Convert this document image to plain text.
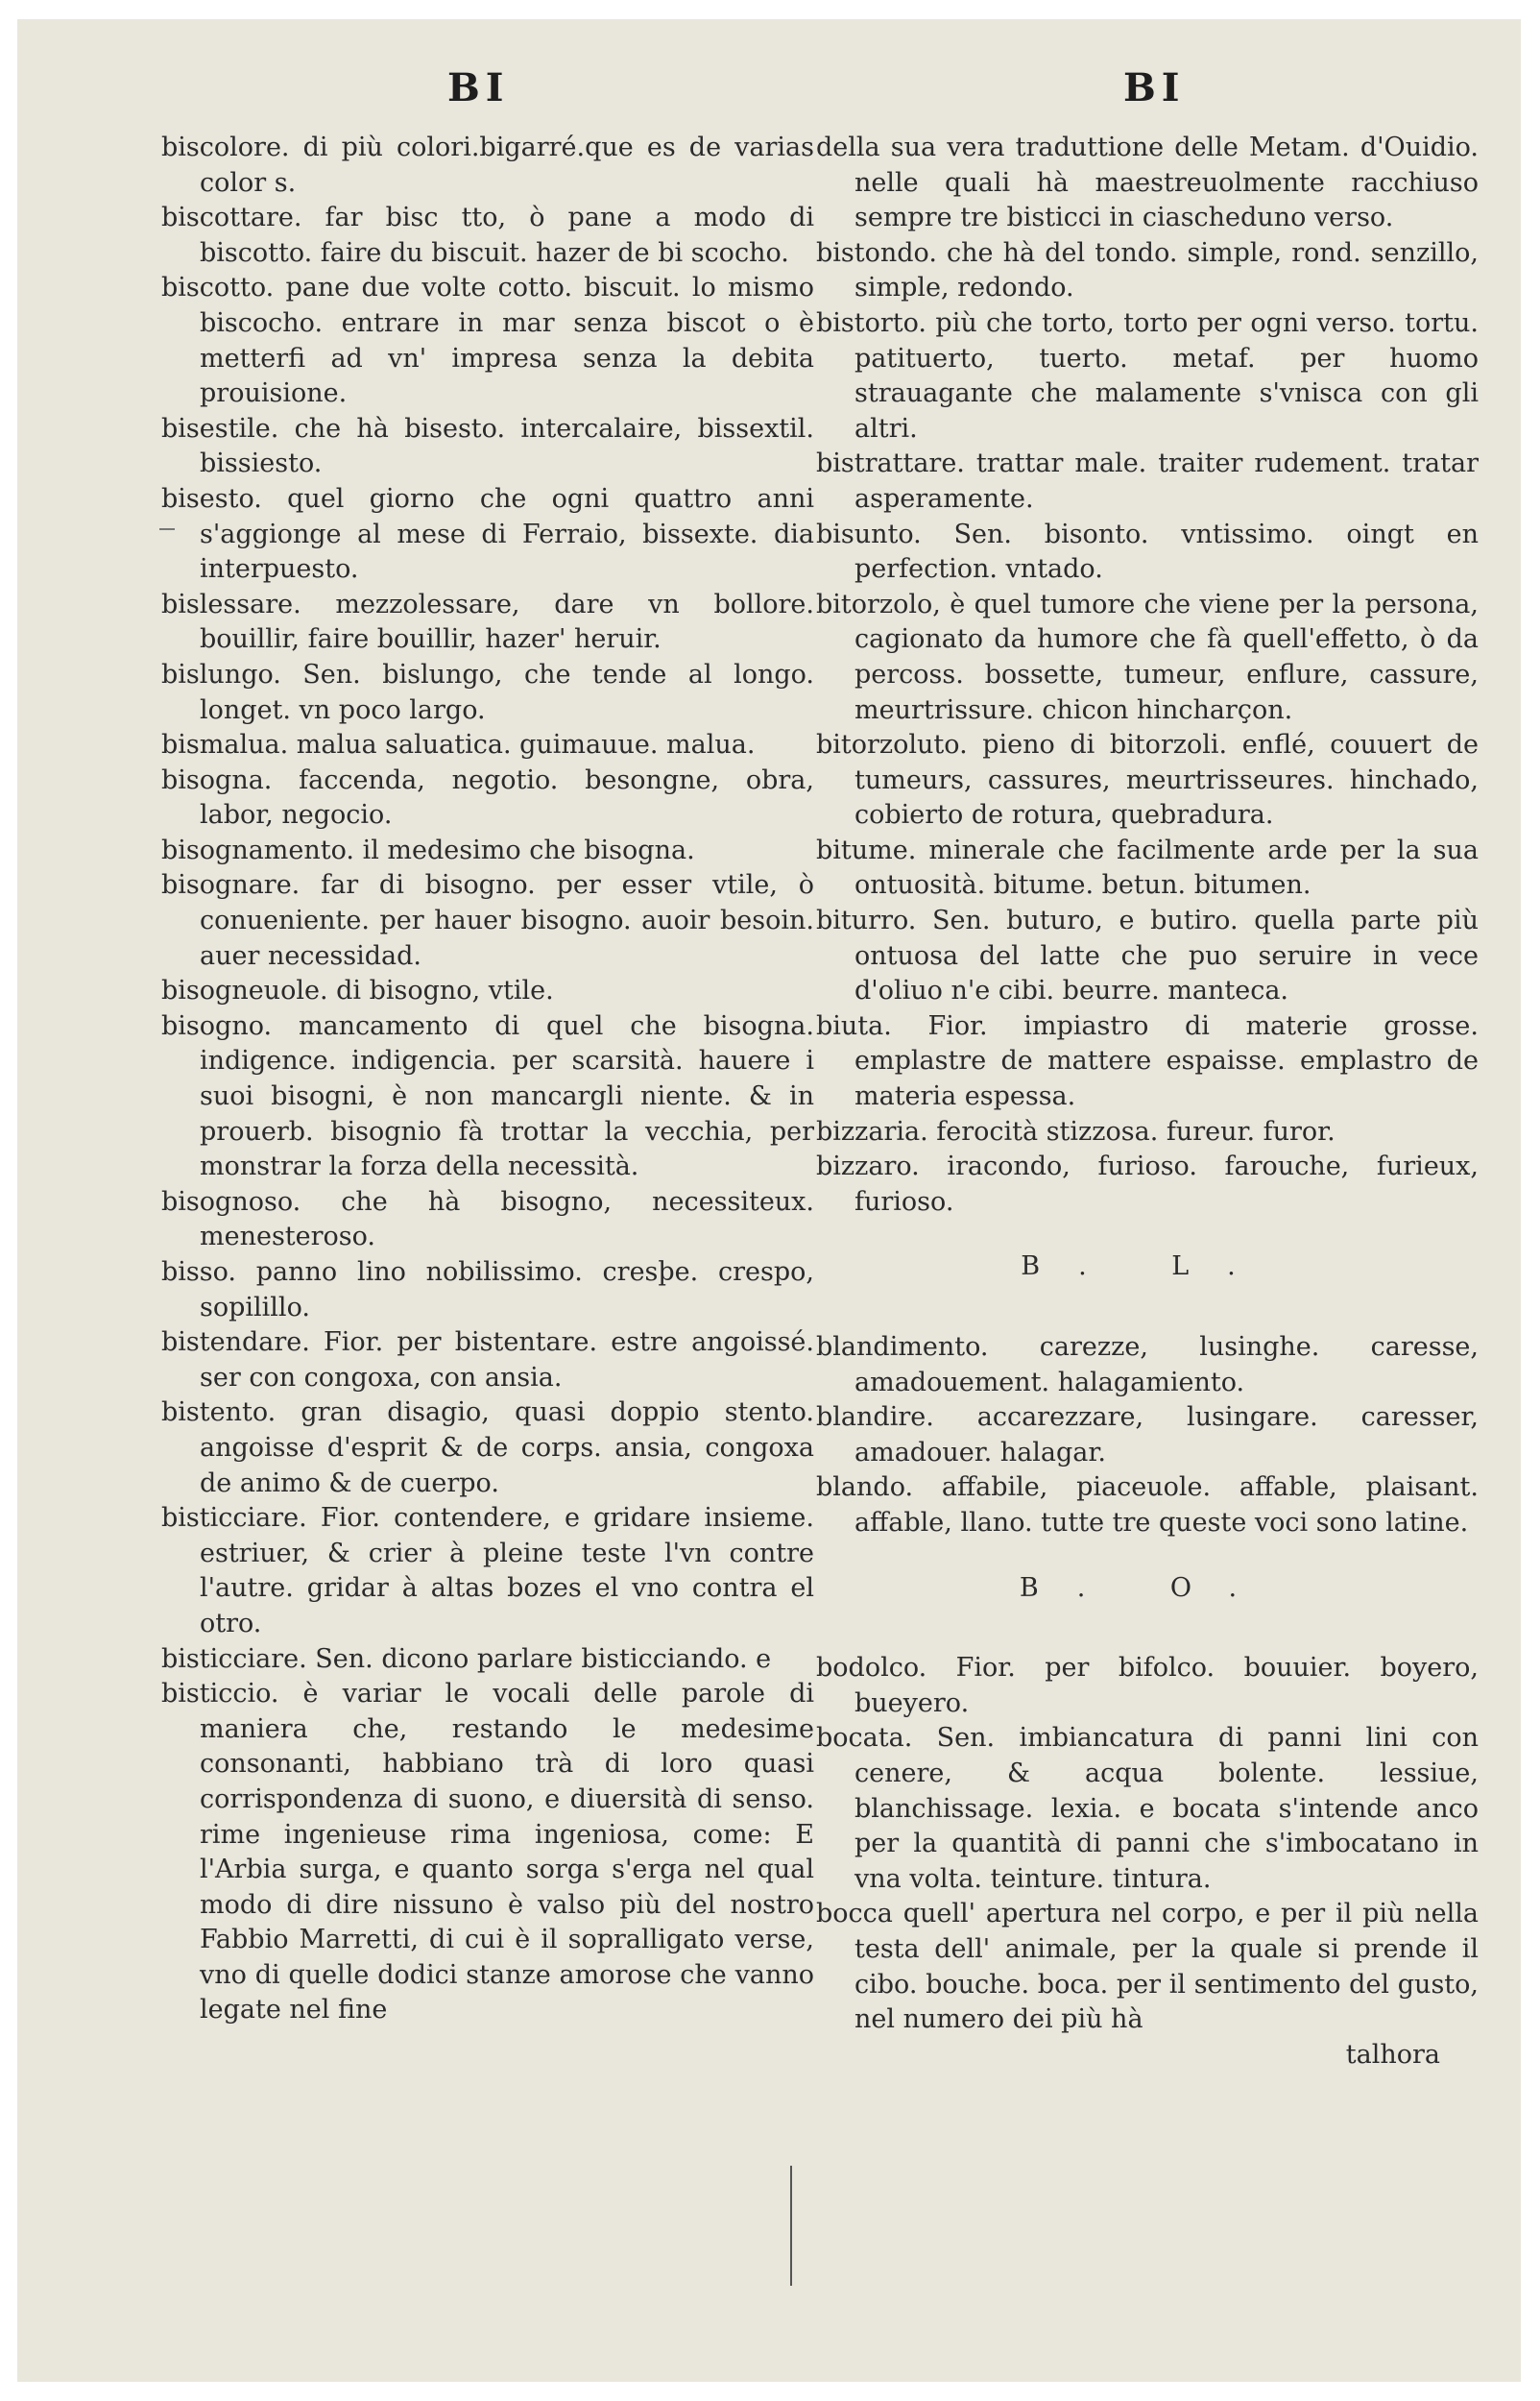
BI

biscolore. di più colori.bigarré.que es de varias color s.

biscottare. far bisc tto, ò pane a modo di biscotto. faire du biscuit. hazer de bi scocho.

biscotto. pane due volte cotto. biscuit. lo mismo biscocho. entrare in mar senza biscot o è metterfi ad vn' impresa senza la debita prouisione.

bisestile. che hà bisesto. intercalaire, bissextil. bissiesto.

bisesto. quel giorno che ogni quattro anni s'aggionge al mese di Ferraio, bissexte. dia interpuesto.

bislessare. mezzolessare, dare vn bollore. bouillir, faire bouillir, hazer' heruir.

bislungo. Sen. bislungo, che tende al longo. longet. vn poco largo.

bismalua. malua saluatica. guimauue. malua.

bisogna. faccenda, negotio. besongne, obra, labor, negocio.

bisognamento. il medesimo che bisogna.

bisognare. far di bisogno. per esser vtile, ò conueniente. per hauer bisogno. auoir besoin. auer necessidad.

bisogneuole. di bisogno, vtile.

bisogno. mancamento di quel che bisogna. indigence. indigencia. per scarsità. hauere i suoi bisogni, è non mancargli niente. & in prouerb. bisognio fà trottar la vecchia, per monstrar la forza della necessità.

bisognoso. che hà bisogno, necessiteux. menesteroso.

bisso. panno lino nobilissimo. cresþe. crespo, sopilillo.

bistendare. Fior. per bistentare. estre angoissé. ser con congoxa, con ansia.

bistento. gran disagio, quasi doppio stento. angoisse d'esprit & de corps. ansia, congoxa de animo & de cuerpo.

bisticciare. Fior. contendere, e gridare insieme. estriuer, & crier à pleine teste l'vn contre l'autre. gridar à altas bozes el vno contra el otro.

bisticciare. Sen. dicono parlare bisticciando. e

bisticcio. è variar le vocali delle parole di maniera che, restando le medesime consonanti, habbiano trà di loro quasi corrispondenza di suono, e diuersità di senso. rime ingenieuse rima ingeniosa, come: E l'Arbia surga, e quanto sorga s'erga nel qual modo di dire nissuno è valso più del nostro Fabbio Marretti, di cui è il sopralligato verse, vno di quelle dodici stanze amorose che vanno legate nel fine

BI

della sua vera traduttione delle Metam. d'Ouidio. nelle quali hà maestreuolmente racchiuso sempre tre bisticci in ciascheduno verso.

bistondo. che hà del tondo. simple, rond. senzillo, simple, redondo.

bistorto. più che torto, torto per ogni verso. tortu. patituerto, tuerto. metaf. per huomo strauagante che malamente s'vnisca con gli altri.

bistrattare. trattar male. traiter rudement. tratar asperamente.

bisunto. Sen. bisonto. vntissimo. oingt en perfection. vntado.

bitorzolo, è quel tumore che viene per la persona, cagionato da humore che fà quell'effetto, ò da percoss. bossette, tumeur, enflure, cassure, meurtrissure. chicon hincharçon.

bitorzoluto. pieno di bitorzoli. enflé, couuert de tumeurs, cassures, meurtrisseures. hinchado, cobierto de rotura, quebradura.

bitume. minerale che facilmente arde per la sua ontuosità. bitume. betun. bitumen.

biturro. Sen. buturo, e butiro. quella parte più ontuosa del latte che puo seruire in vece d'oliuo n'e cibi. beurre. manteca.

biuta. Fior. impiastro di materie grosse. emplastre de mattere espaisse. emplastro de materia espessa.

bizzaria. ferocità stizzosa. fureur. furor.

bizzaro. iracondo, furioso. farouche, furieux, furioso.

B. L.

blandimento. carezze, lusinghe. caresse, amadouement. halagamiento.

blandire. accarezzare, lusingare. caresser, amadouer. halagar.

blando. affabile, piaceuole. affable, plaisant. affable, llano. tutte tre queste voci sono latine.

B. O.

bodolco. Fior. per bifolco. bouuier. boyero, bueyero.

bocata. Sen. imbiancatura di panni lini con cenere, & acqua bolente. lessiue, blanchissage. lexia. e bocata s'intende anco per la quantità di panni che s'imbocatano in vna volta. teinture. tintura.

bocca quell' apertura nel corpo, e per il più nella testa dell' animale, per la quale si prende il cibo. bouche. boca. per il sentimento del gusto, nel numero dei più hà

talhora
